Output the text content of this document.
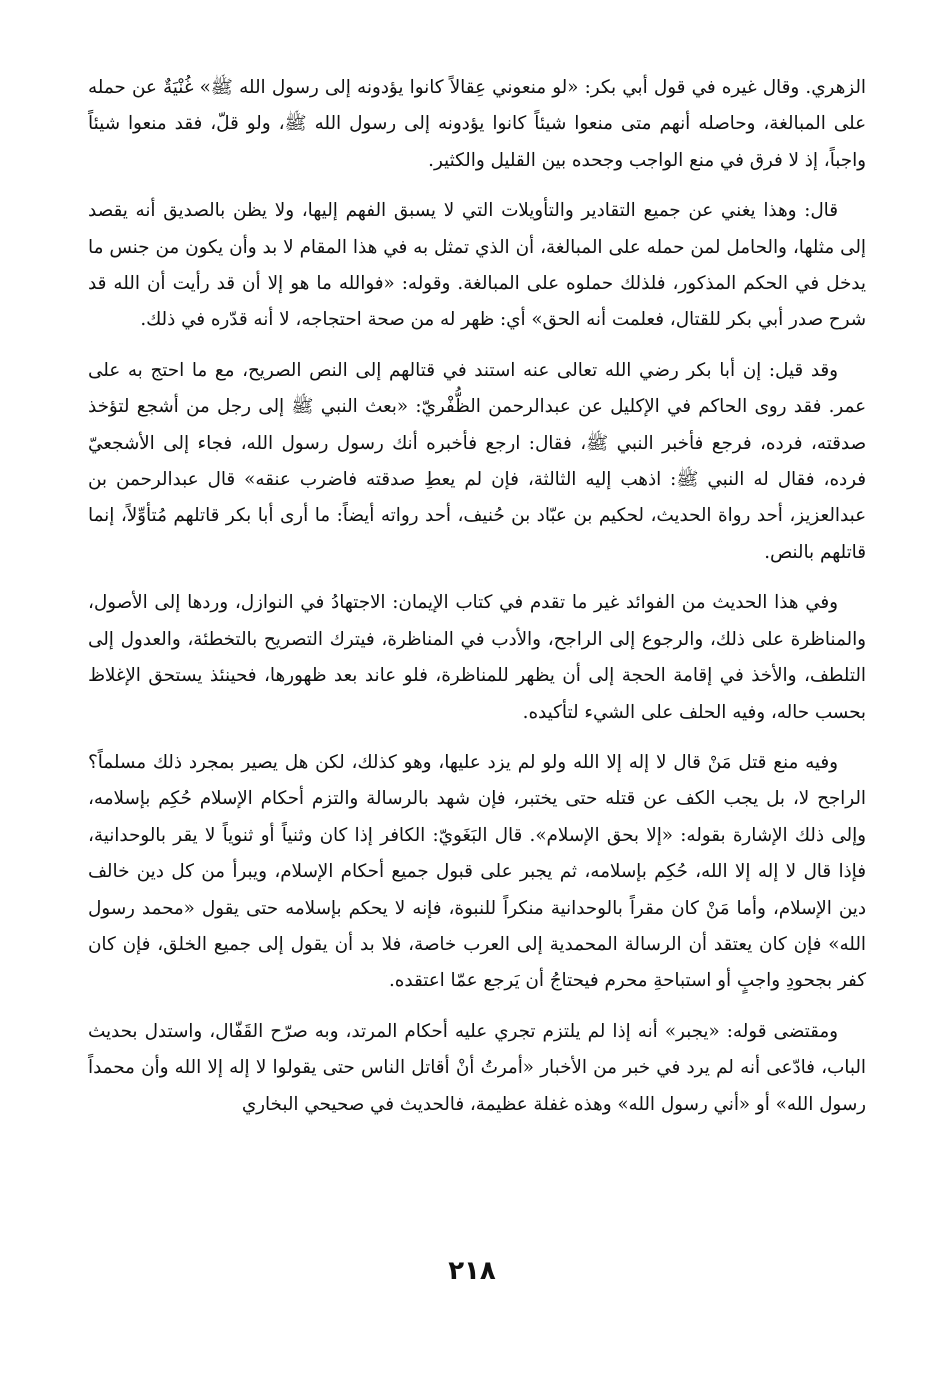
الزهري. وقال غيره في قول أبي بكر: «لو منعوني عِقالاً كانوا يؤدونه إلى رسول الله ﷺ» غُنْيَةٌ عن حمله على المبالغة، وحاصله أنهم متى منعوا شيئاً كانوا يؤدونه إلى رسول الله ﷺ، ولو قلّ، فقد منعوا شيئاً واجباً، إذ لا فرق في منع الواجب وجحده بين القليل والكثير.

قال: وهذا يغني عن جميع التقادير والتأويلات التي لا يسبق الفهم إليها، ولا يظن بالصديق أنه يقصد إلى مثلها، والحامل لمن حمله على المبالغة، أن الذي تمثل به في هذا المقام لا بد وأن يكون من جنس ما يدخل في الحكم المذكور، فلذلك حملوه على المبالغة. وقوله: «فوالله ما هو إلا أن قد رأيت أن الله قد شرح صدر أبي بكر للقتال، فعلمت أنه الحق» أي: ظهر له من صحة احتجاجه، لا أنه قدّره في ذلك.

وقد قيل: إن أبا بكر رضي الله تعالى عنه استند في قتالهم إلى النص الصريح، مع ما احتج به على عمر. فقد روى الحاكم في الإكليل عن عبدالرحمن الظُّفْريّ: «بعث النبي ﷺ إلى رجل من أشجع لتؤخذ صدقته، فرده، فرجع فأخبر النبي ﷺ، فقال: ارجع فأخبره أنك رسول رسول الله، فجاء إلى الأشجعيّ فرده، فقال له النبي ﷺ: اذهب إليه الثالثة، فإن لم يعطِ صدقته فاضرب عنقه» قال عبدالرحمن بن عبدالعزيز، أحد رواة الحديث، لحكيم بن عبّاد بن حُنيف، أحد رواته أيضاً: ما أرى أبا بكر قاتلهم مُتأوِّلاً، إنما قاتلهم بالنص.

وفي هذا الحديث من الفوائد غير ما تقدم في كتاب الإيمان: الاجتهادُ في النوازل، وردها إلى الأصول، والمناظرة على ذلك، والرجوع إلى الراجح، والأدب في المناظرة، فيترك التصريح بالتخطئة، والعدول إلى التلطف، والأخذ في إقامة الحجة إلى أن يظهر للمناظرة، فلو عاند بعد ظهورها، فحينئذ يستحق الإغلاظ بحسب حاله، وفيه الحلف على الشيء لتأكيده.

وفيه منع قتل مَنْ قال لا إله إلا الله ولو لم يزد عليها، وهو كذلك، لكن هل يصير بمجرد ذلك مسلماً؟ الراجح لا، بل يجب الكف عن قتله حتى يختبر، فإن شهد بالرسالة والتزم أحكام الإسلام حُكِم بإسلامه، وإلى ذلك الإشارة بقوله: «إلا بحق الإسلام». قال البَغَويّ: الكافر إذا كان وثنياً أو ثنوياً لا يقر بالوحدانية، فإذا قال لا إله إلا الله، حُكِم بإسلامه، ثم يجبر على قبول جميع أحكام الإسلام، ويبرأ من كل دين خالف دين الإسلام، وأما مَنْ كان مقراً بالوحدانية منكراً للنبوة، فإنه لا يحكم بإسلامه حتى يقول «محمد رسول الله» فإن كان يعتقد أن الرسالة المحمدية إلى العرب خاصة، فلا بد أن يقول إلى جميع الخلق، فإن كان كفر بجحودِ واجبٍ أو استباحةِ محرم فيحتاجُ أن يَرجع عمّا اعتقده.

ومقتضى قوله: «يجبر» أنه إذا لم يلتزم تجري عليه أحكام المرتد، وبه صرّح القَفّال، واستدل بحديث الباب، فادّعى أنه لم يرد في خبر من الأخبار «أمرتُ أنْ أقاتل الناس حتى يقولوا لا إله إلا الله وأن محمداً رسول الله» أو «أني رسول الله» وهذه غفلة عظيمة، فالحديث في صحيحي البخاري

٢١٨
